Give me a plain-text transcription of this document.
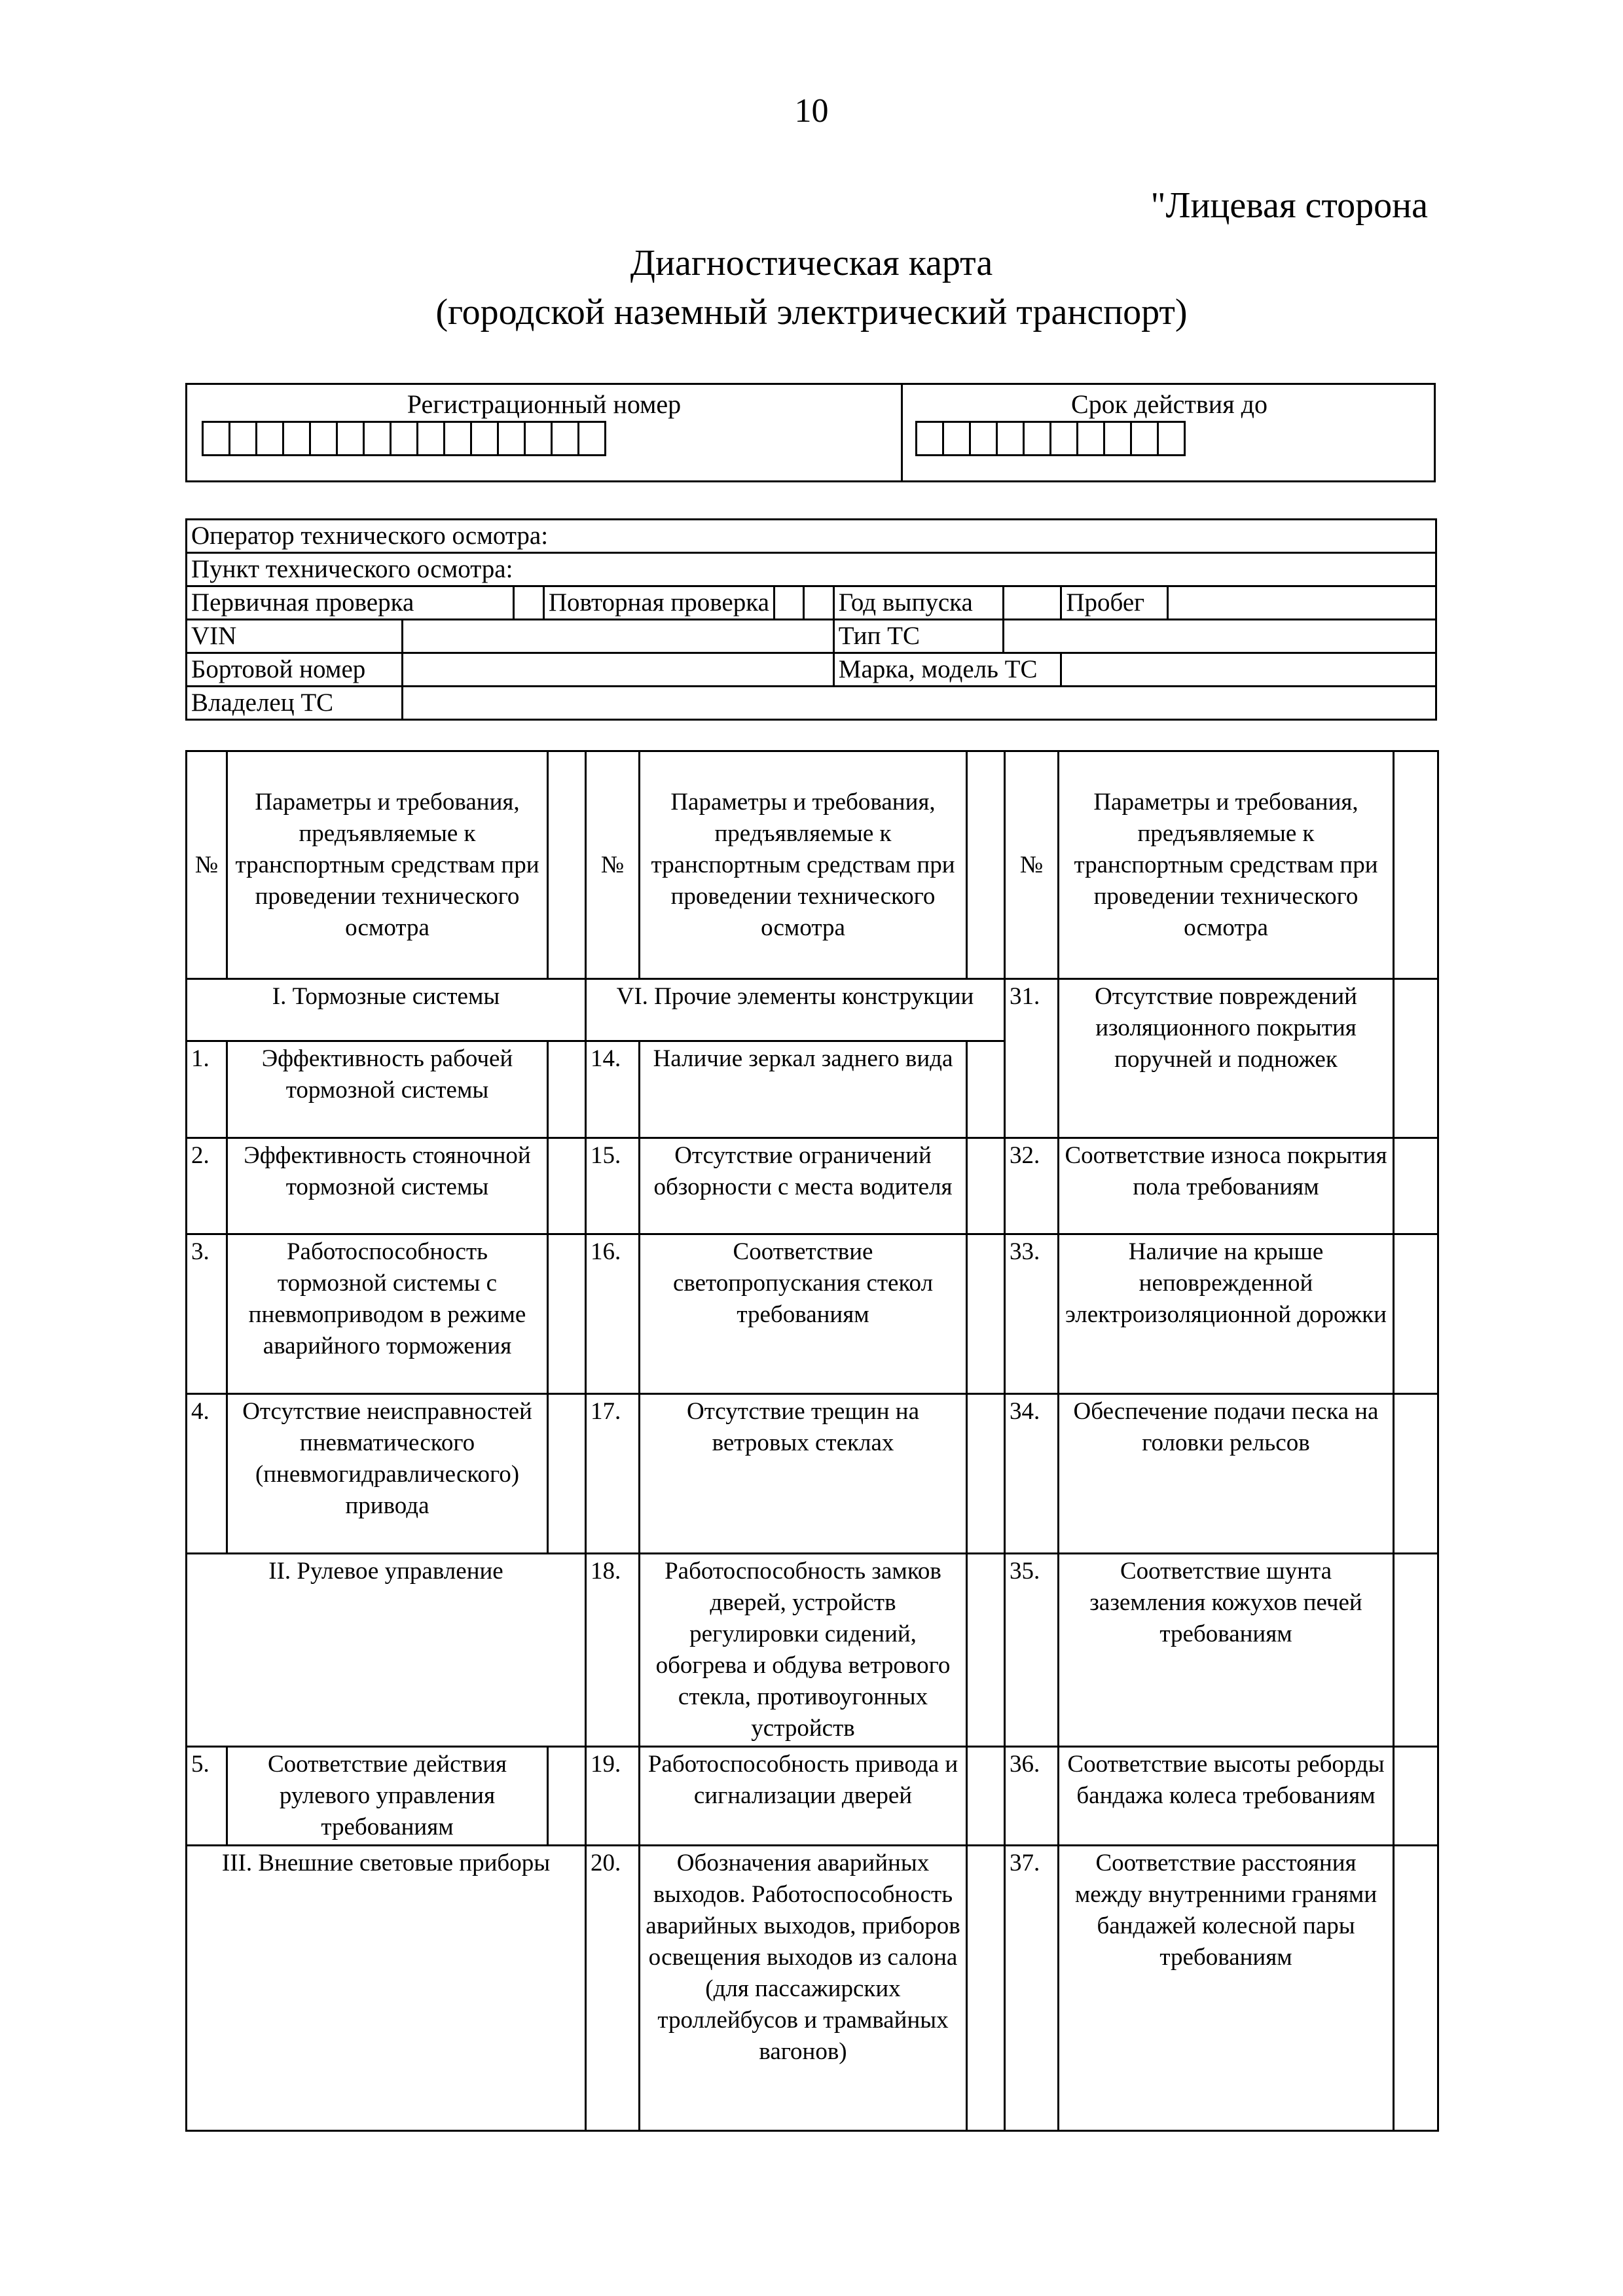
10
"Лицевая сторона
Диагностическая карта
(городской наземный электрический транспорт)
Регистрационный номер	Срок действия до
Оператор технического осмотра:									
Пункт технического осмотра:									
Первичная проверка			Повторная проверка			Год выпуска		Пробег	
VIN						Тип ТС			
Бортовой номер						Марка, модель ТС			
Владелец ТС									
№	Параметры и требования, предъявляемые к транспортным средствам при проведении технического осмотра		№	Параметры и требования, предъявляемые к транспортным средствам при проведении технического осмотра		№	Параметры и требования, предъявляемые к транспортным средствам при проведении технического осмотра	
I. Тормозные системы			VI. Прочие элементы конструкции			31.	Отсутствие повреждений изоляционного покрытия поручней и подножек	
1.	Эффективность рабочей тормозной системы		14.	Наличие зеркал заднего вида				
2.	Эффективность стояночной тормозной системы		15.	Отсутствие ограничений обзорности с места водителя		32.	Соответствие износа покрытия пола требованиям	
3.	Работоспособность тормозной системы с пневмоприводом в режиме аварийного торможения		16.	Соответствие светопропускания стекол требованиям		33.	Наличие на крыше неповрежденной электроизоляционной дорожки	
4.	Отсутствие неисправностей пневматического (пневмогидравлического) привода		17.	Отсутствие трещин на ветровых стеклах		34.	Обеспечение подачи песка на головки рельсов	
II. Рулевое управление			18.	Работоспособность замков дверей, устройств регулировки сидений, обогрева и обдува ветрового стекла, противоугонных устройств		35.	Соответствие шунта заземления кожухов печей требованиям	
5.	Соответствие действия рулевого управления требованиям		19.	Работоспособность привода и сигнализации дверей		36.	Соответствие высоты реборды бандажа колеса требованиям	
III. Внешние световые приборы			20.	Обозначения аварийных выходов. Работоспособность аварийных выходов, приборов освещения выходов из салона (для пассажирских троллейбусов и трамвайных вагонов)		37.	Соответствие расстояния между внутренними гранями бандажей колесной пары требованиям	
